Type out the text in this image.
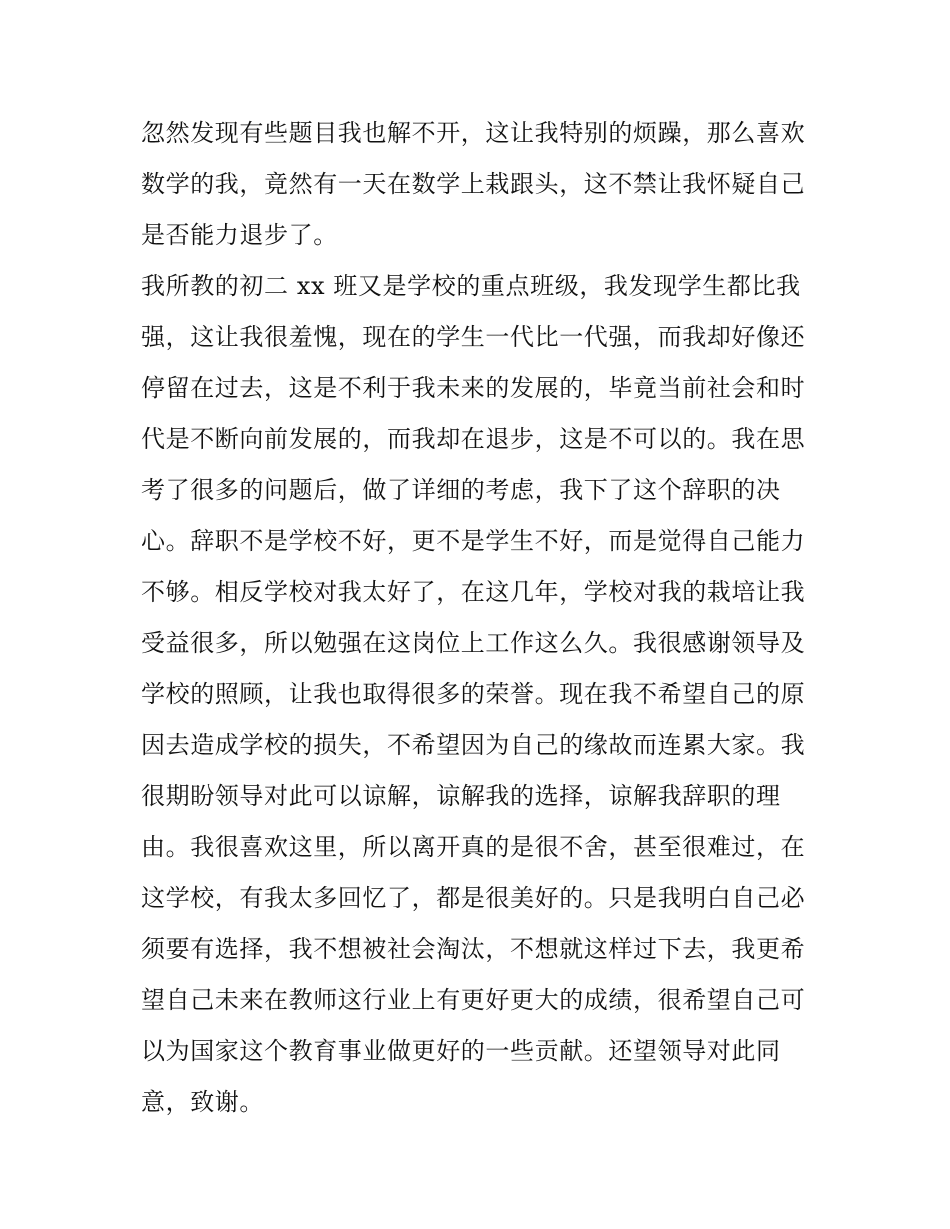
忽然发现有些题目我也解不开，这让我特别的烦躁，那么喜欢
数学的我，竟然有一天在数学上栽跟头，这不禁让我怀疑自己
是否能力退步了。
我所教的初二 xx 班又是学校的重点班级，我发现学生都比我
强，这让我很羞愧，现在的学生一代比一代强，而我却好像还
停留在过去，这是不利于我未来的发展的，毕竟当前社会和时
代是不断向前发展的，而我却在退步，这是不可以的。我在思
考了很多的问题后，做了详细的考虑，我下了这个辞职的决
心。辞职不是学校不好，更不是学生不好，而是觉得自己能力
不够。相反学校对我太好了，在这几年，学校对我的栽培让我
受益很多，所以勉强在这岗位上工作这么久。我很感谢领导及
学校的照顾，让我也取得很多的荣誉。现在我不希望自己的原
因去造成学校的损失，不希望因为自己的缘故而连累大家。我
很期盼领导对此可以谅解，谅解我的选择，谅解我辞职的理
由。我很喜欢这里，所以离开真的是很不舍，甚至很难过，在
这学校，有我太多回忆了，都是很美好的。只是我明白自己必
须要有选择，我不想被社会淘汰，不想就这样过下去，我更希
望自己未来在教师这行业上有更好更大的成绩，很希望自己可
以为国家这个教育事业做更好的一些贡献。还望领导对此同
意，致谢。
